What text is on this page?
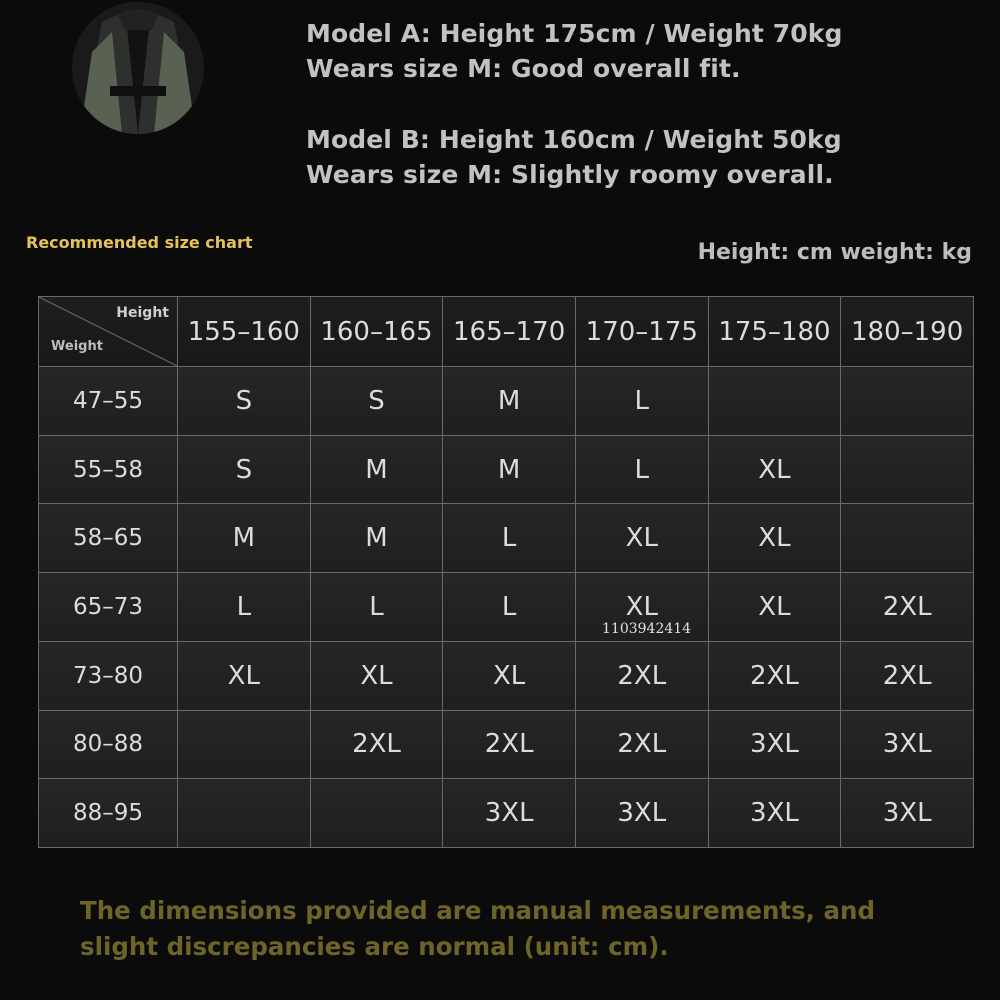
Model A: Height 175cm / Weight 70kg
Wears size M: Good overall fit.
Model B: Height 160cm / Weight 50kg
Wears size M: Slightly roomy overall.
Recommended size chart	Height: cm weight: kg
Height
Weight	155–160	160–165	165–170	170–175	175–180	180–190
47–55	S	S	M	L		
55–58	S	M	M	L	XL	
58–65	M	M	L	XL	XL	
65–73	L	L	L	XL	XL	2XL
73–80	XL	XL	XL	2XL	2XL	2XL
80–88		2XL	2XL	2XL	3XL	3XL
88–95			3XL	3XL	3XL	3XL
1103942414
The dimensions provided are manual measurements, and slight discrepancies are normal (unit: cm).
